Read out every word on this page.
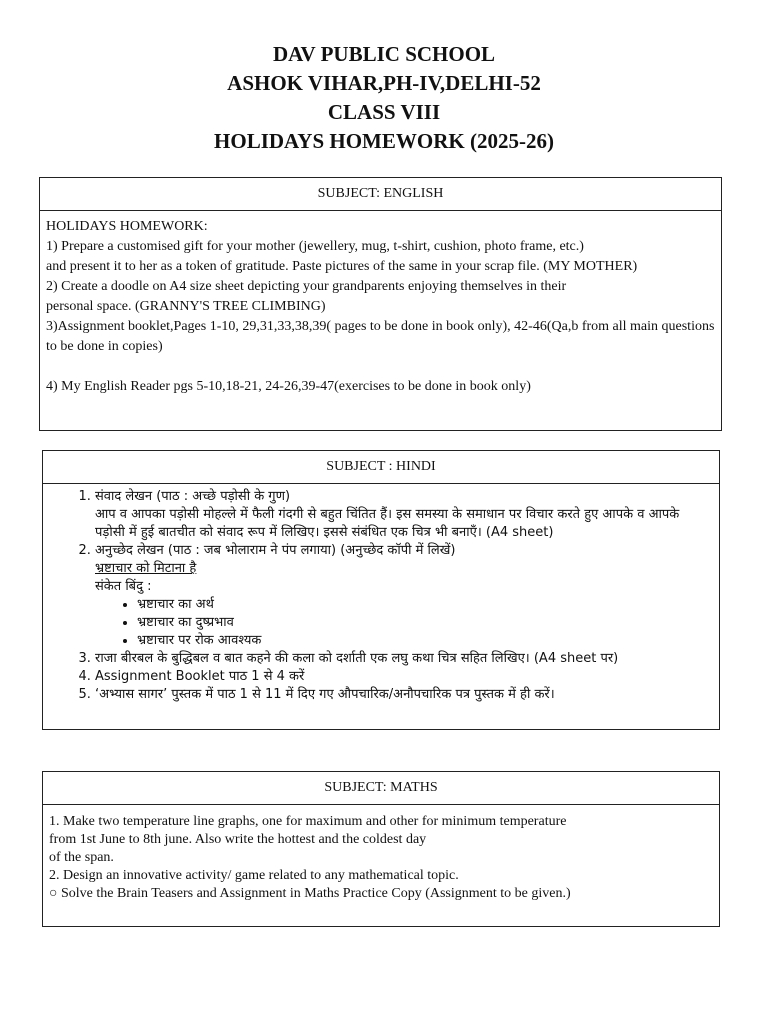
DAV PUBLIC SCHOOL
ASHOK VIHAR,PH-IV,DELHI-52
CLASS VIII
HOLIDAYS HOMEWORK (2025-26)
SUBJECT: ENGLISH
HOLIDAYS HOMEWORK:
1) Prepare a customised gift for your mother (jewellery, mug, t-shirt, cushion, photo frame, etc.)
and present it to her as a token of gratitude. Paste pictures of the same in your scrap file. (MY MOTHER)
2) Create a doodle on A4 size sheet depicting your grandparents enjoying themselves in their
personal space. (GRANNY'S TREE CLIMBING)
3)Assignment booklet,Pages 1-10, 29,31,33,38,39( pages to be done in book only), 42-46(Qa,b from all main questions to be done in copies)
4) My English Reader pgs 5-10,18-21, 24-26,39-47(exercises to be done in book only)
SUBJECT : HINDI
1. संवाद लेखन (पाठ : अच्छे पड़ोसी के गुण)
आप व आपका पड़ोसी मोहल्ले में फैली गंदगी से बहुत चिंतित हैं। इस समस्या के समाधान पर विचार करते हुए आपके व आपके पड़ोसी में हुई बातचीत को संवाद रूप में लिखिए। इससे संबंधित एक चित्र भी बनाएँ। (A4 sheet)
2. अनुच्छेद लेखन (पाठ : जब भोलाराम ने पंप लगाया) (अनुच्छेद कॉपी में लिखें)
भ्रष्टाचार को मिटाना है
संकेत बिंदु :
• भ्रष्टाचार का अर्थ
• भ्रष्टाचार का दुष्प्रभाव
• भ्रष्टाचार पर रोक आवश्यक
3. राजा बीरबल के बुद्धिबल व बात कहने की कला को दर्शाती एक लघु कथा चित्र सहित लिखिए। (A4 sheet पर)
4. Assignment Booklet पाठ 1 से 4 करें
5. ‘अभ्यास सागर’ पुस्तक में पाठ 1 से 11 में दिए गए औपचारिक/अनौपचारिक पत्र पुस्तक में ही करें।
SUBJECT: MATHS
1. Make two temperature line graphs, one for maximum and other for minimum temperature
from 1st June to 8th june. Also write the hottest and the coldest day
of the span.
2. Design an innovative activity/ game related to any mathematical topic.
○ Solve the Brain Teasers and Assignment in Maths Practice Copy (Assignment to be given.)
